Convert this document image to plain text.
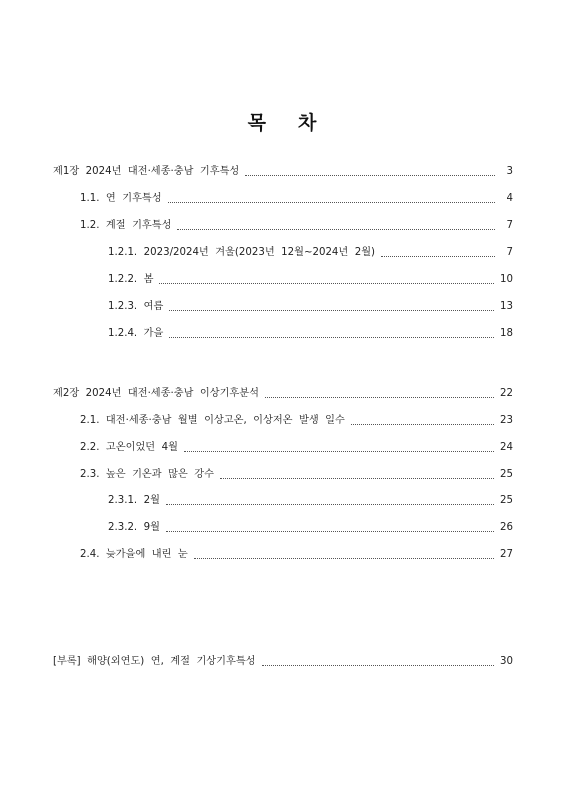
목 차
제1장  2024년  대전·세종·충남  기후특성	3
1.1.  연  기후특성	4
1.2.  계절  기후특성	7
1.2.1.  2023/2024년  겨울(2023년  12월~2024년  2월)	7
1.2.2.  봄	10
1.2.3.  여름	13
1.2.4.  가을	18
제2장  2024년  대전·세종·충남  이상기후분석	22
2.1.  대전·세종·충남  월별  이상고온,  이상저온  발생  일수	23
2.2.  고온이었던  4월	24
2.3.  높은  기온과  많은  강수	25
2.3.1.  2월	25
2.3.2.  9월	26
2.4.  늦가을에  내린  눈	27
[부록]  해양(외연도)  연,  계절  기상기후특성	30
